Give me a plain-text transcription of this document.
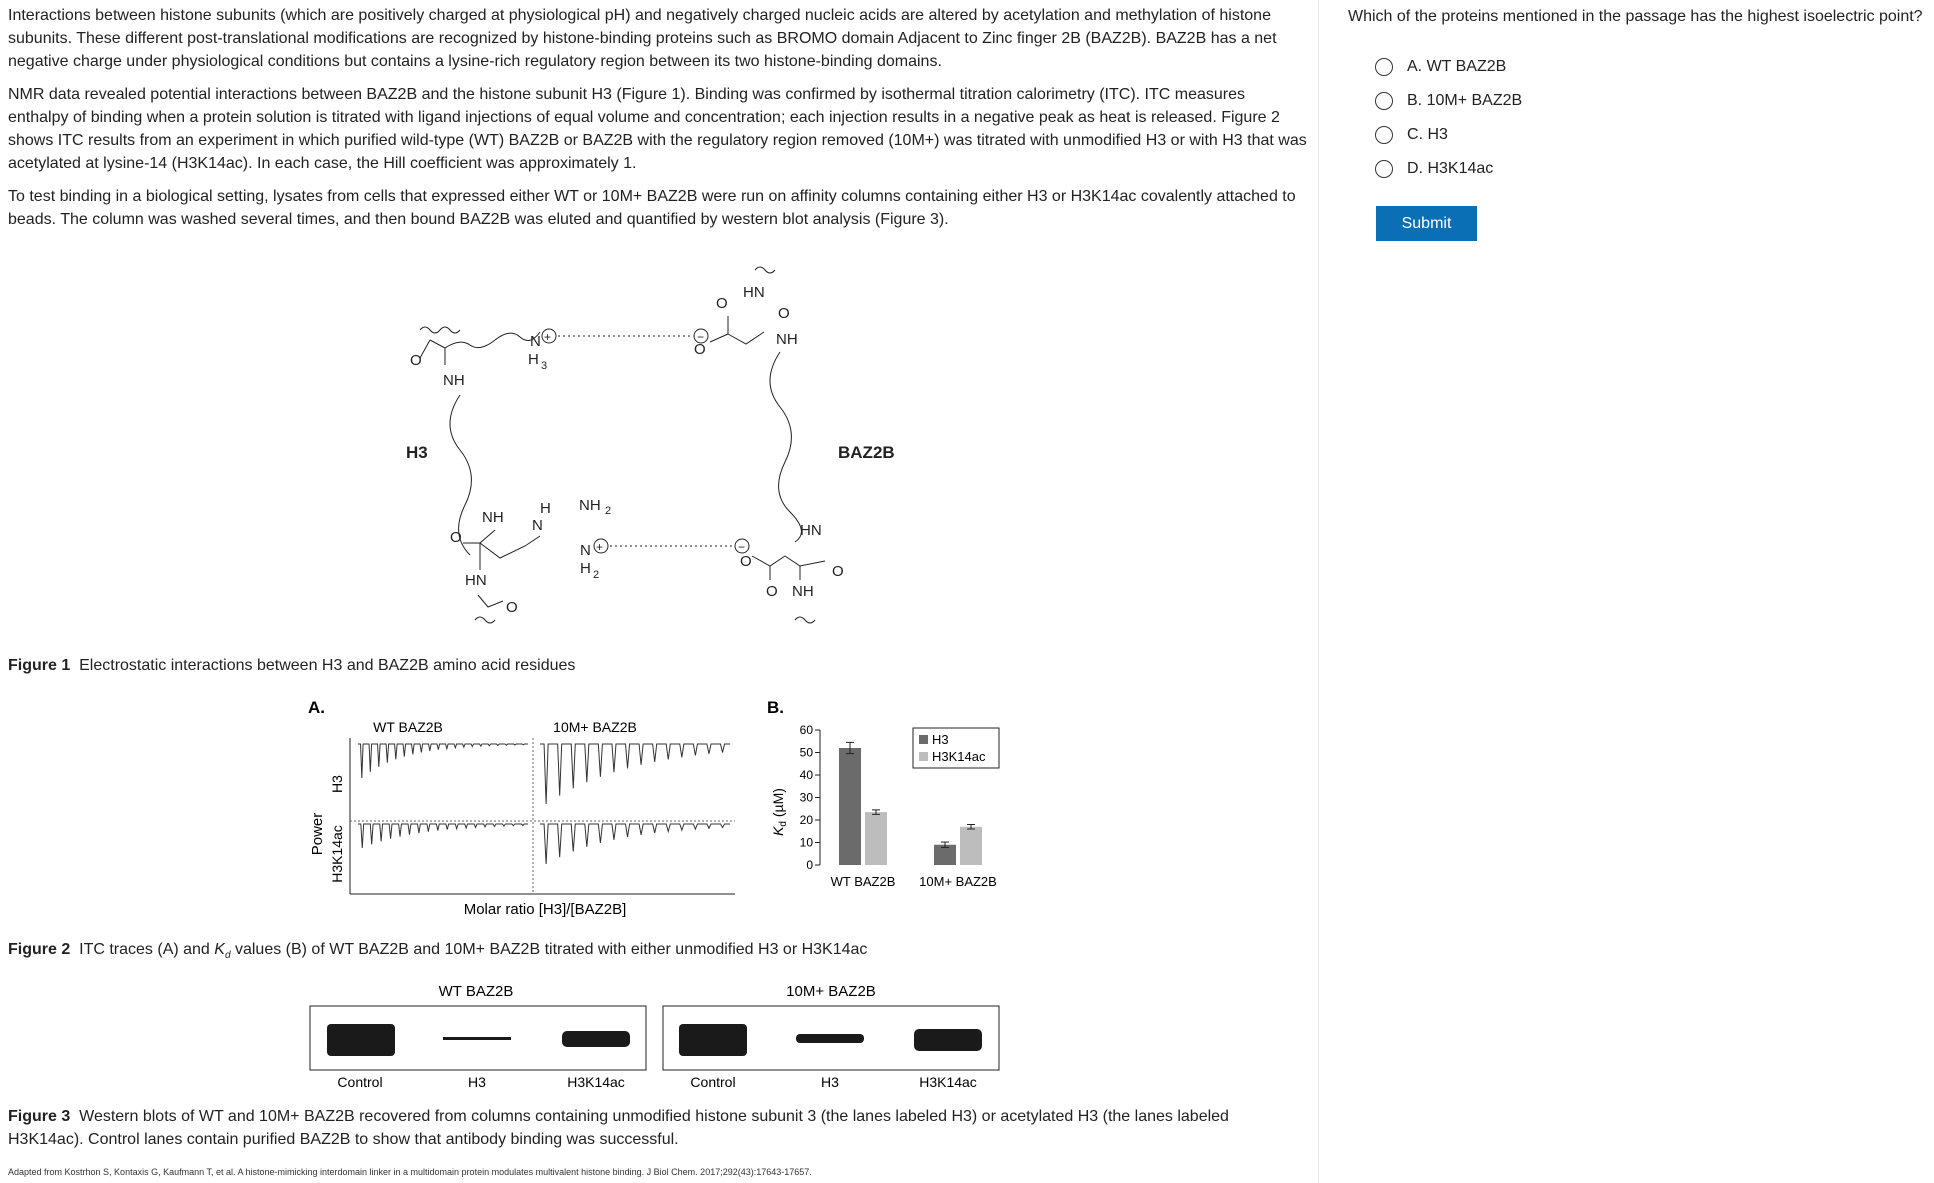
Interactions between histone subunits (which are positively charged at physiological pH) and negatively charged nucleic acids are altered by acetylation and methylation of histone subunits. These different post-translational modifications are recognized by histone-binding proteins such as BROMO domain Adjacent to Zinc finger 2B (BAZ2B). BAZ2B has a net negative charge under physiological conditions but contains a lysine-rich regulatory region between its two histone-binding domains.

NMR data revealed potential interactions between BAZ2B and the histone subunit H3 (Figure 1). Binding was confirmed by isothermal titration calorimetry (ITC). ITC measures enthalpy of binding when a protein solution is titrated with ligand injections of equal volume and concentration; each injection results in a negative peak as heat is released. Figure 2 shows ITC results from an experiment in which purified wild-type (WT) BAZ2B or BAZ2B with the regulatory region removed (10M+) was titrated with unmodified H3 or with H3 that was acetylated at lysine-14 (H3K14ac). In each case, the Hill coefficient was approximately 1.

To test binding in a biological setting, lysates from cells that expressed either WT or 10M+ BAZ2B were run on affinity columns containing either H3 or H3K14ac covalently attached to beads. The column was washed several times, and then bound BAZ2B was eluted and quantified by western blot analysis (Figure 3).

O
NH
N
H 3
+
H3
NH
O
HN
H
N
NH 2
N
H 2
+
O
−
O
O
HN
O
NH
BAZ2B
HN
−
O
O NH
O
Figure 1 Electrostatic interactions between H3 and BAZ2B amino acid residues
A.
WT BAZ2B	10M+ BAZ2B
Power
H3
H3K14ac
Molar ratio [H3]/[BAZ2B]
B.
$K_d$ (µM)
0
10
20
30
40
50
60
WT BAZ2B 10M+ BAZ2B
H3
H3K14ac
Figure 2 ITC traces (A) and $K_d$ values (B) of WT BAZ2B and 10M+ BAZ2B titrated with either unmodified H3 or H3K14ac
WT BAZ2B	10M+ BAZ2B
Control	H3	H3K14ac	Control	H3	H3K14ac
Figure 3 Western blots of WT and 10M+ BAZ2B recovered from columns containing unmodified histone subunit 3 (the lanes labeled H3) or acetylated H3 (the lanes labeled H3K14ac). Control lanes contain purified BAZ2B to show that antibody binding was successful.
Adapted from Kostrhon S, Kontaxis G, Kaufmann T, et al. A histone-mimicking interdomain linker in a multidomain protein modulates multivalent histone binding. J Biol Chem. 2017;292(43):17643-17657.

Which of the proteins mentioned in the passage has the highest isoelectric point?

A.
WT BAZ2B
B.
10M+ BAZ2B
C.
H3
D.
H3K14ac
Submit
